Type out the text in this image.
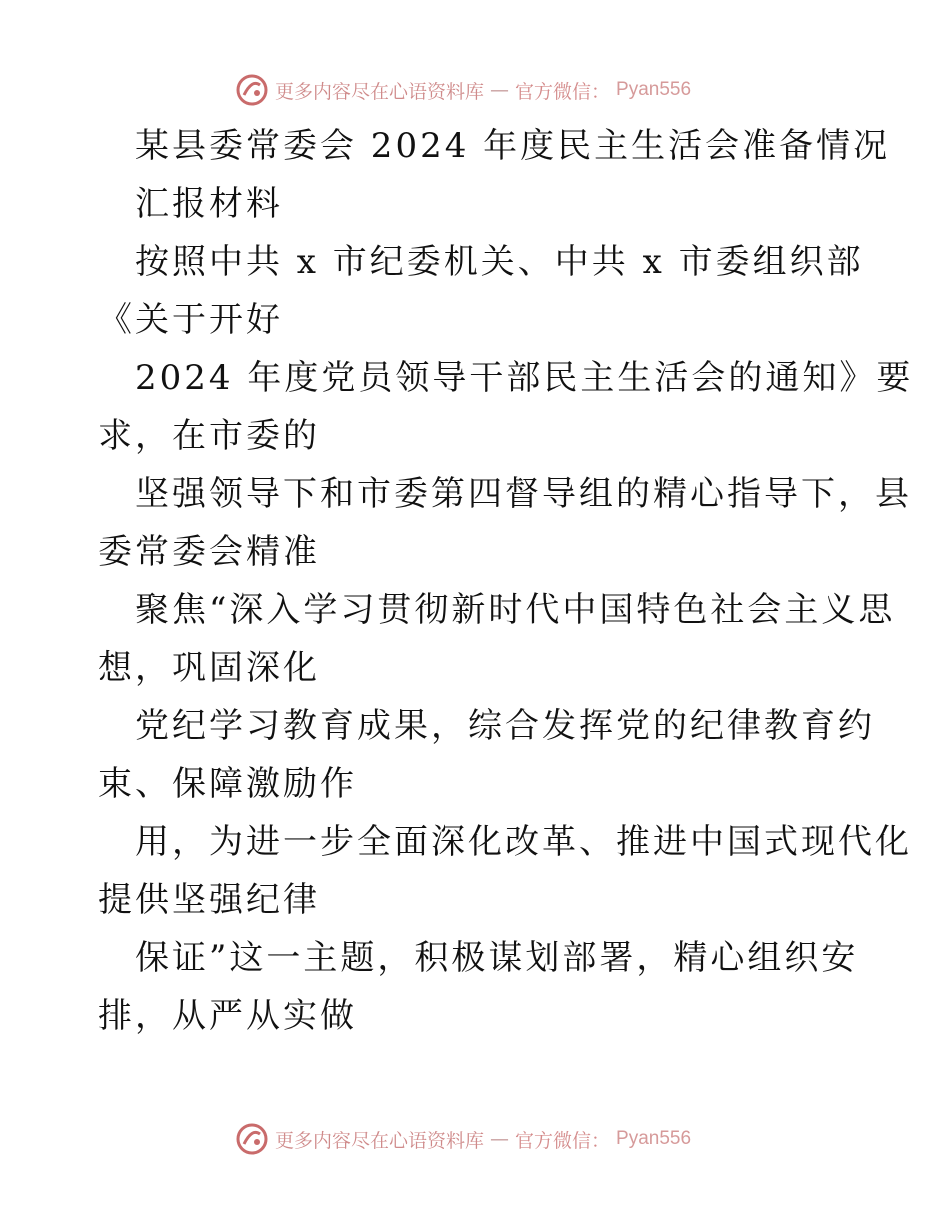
更多内容尽在心语资料库 — 官方微信： Pyan556
某县委常委会 2024 年度民主生活会准备情况
汇报材料
按照中共 x 市纪委机关、中共 x 市委组织部
《关于开好
2024 年度党员领导干部民主生活会的通知》要
求，在市委的
坚强领导下和市委第四督导组的精心指导下，县
委常委会精准
聚焦“深入学习贯彻新时代中国特色社会主义思
想，巩固深化
党纪学习教育成果，综合发挥党的纪律教育约
束、保障激励作
用，为进一步全面深化改革、推进中国式现代化
提供坚强纪律
保证”这一主题，积极谋划部署，精心组织安
排，从严从实做
更多内容尽在心语资料库 — 官方微信： Pyan556
